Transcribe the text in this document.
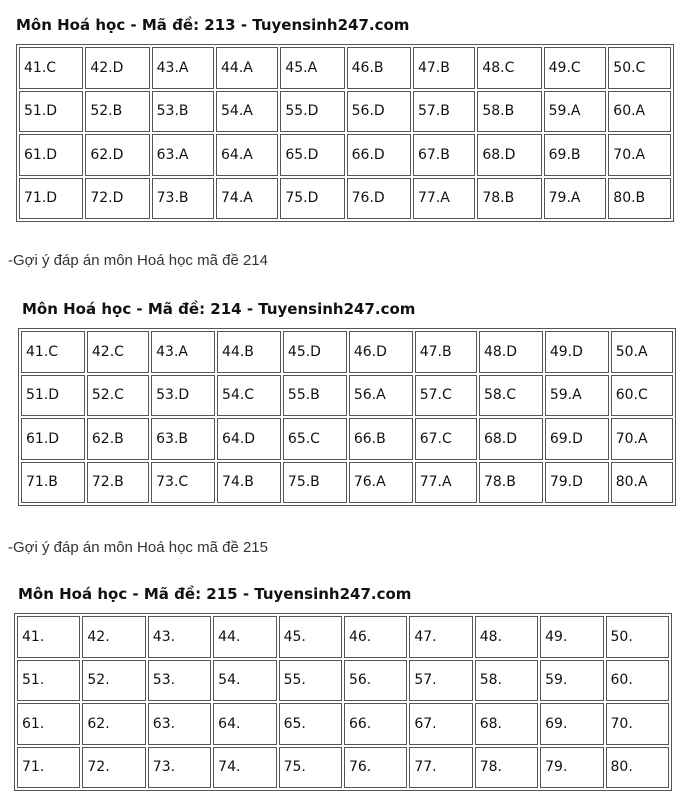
Môn Hoá học - Mã đề: 213 - Tuyensinh247.com
41.C	42.D	43.A	44.A	45.A	46.B	47.B	48.C	49.C	50.C
51.D	52.B	53.B	54.A	55.D	56.D	57.B	58.B	59.A	60.A
61.D	62.D	63.A	64.A	65.D	66.D	67.B	68.D	69.B	70.A
71.D	72.D	73.B	74.A	75.D	76.D	77.A	78.B	79.A	80.B
-Gợi ý đáp án môn Hoá học mã đề 214
Môn Hoá học - Mã đề: 214 - Tuyensinh247.com
41.C	42.C	43.A	44.B	45.D	46.D	47.B	48.D	49.D	50.A
51.D	52.C	53.D	54.C	55.B	56.A	57.C	58.C	59.A	60.C
61.D	62.B	63.B	64.D	65.C	66.B	67.C	68.D	69.D	70.A
71.B	72.B	73.C	74.B	75.B	76.A	77.A	78.B	79.D	80.A
-Gợi ý đáp án môn Hoá học mã đề 215
Môn Hoá học - Mã đề: 215 - Tuyensinh247.com
41.	42.	43.	44.	45.	46.	47.	48.	49.	50.
51.	52.	53.	54.	55.	56.	57.	58.	59.	60.
61.	62.	63.	64.	65.	66.	67.	68.	69.	70.
71.	72.	73.	74.	75.	76.	77.	78.	79.	80.
